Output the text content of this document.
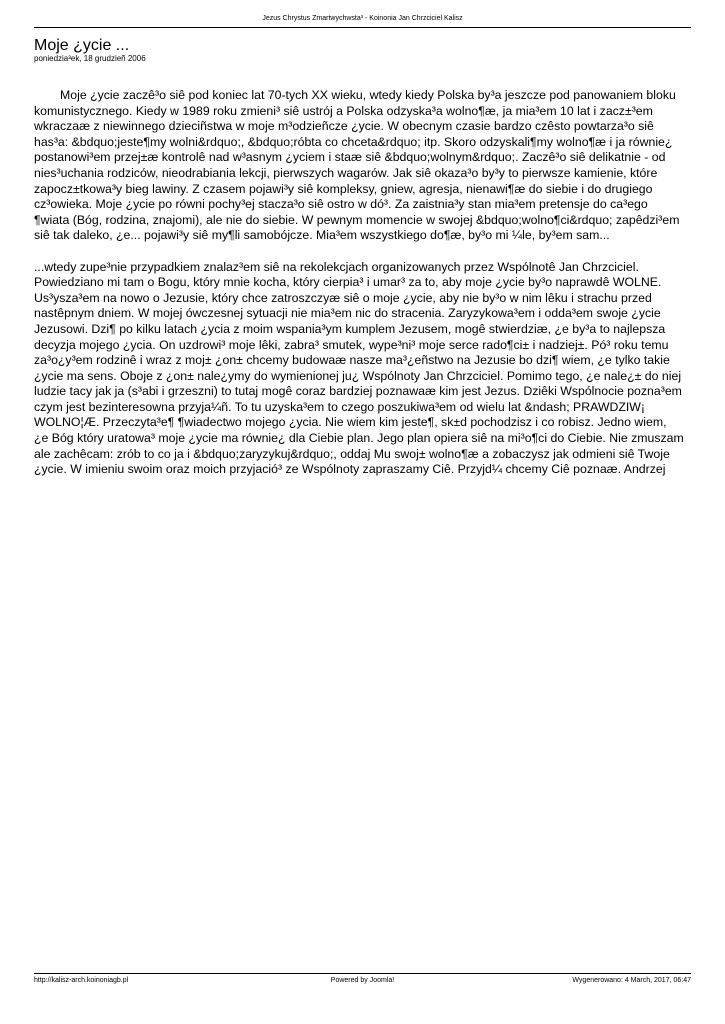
Jezus Chrystus Zmartwychwsta³ - Koinonia Jan Chrzciciel Kalisz
Moje ¿ycie ...
poniedzia³ek, 18 grudzieñ 2006

Moje ¿ycie zaczê³o siê pod koniec lat 70-tych XX wieku, wtedy kiedy Polska by³a jeszcze pod panowaniem bloku komunistycznego. Kiedy w 1989 roku zmieni³ siê ustrój a Polska odzyska³a wolno¶æ, ja mia³em 10 lat i zacz±³em wkraczaæ z niewinnego dzieciñstwa w moje m³odzieñcze ¿ycie. W obecnym czasie bardzo czêsto powtarza³o siê has³a: &bdquo;jeste¶my wolni&rdquo;, &bdquo;róbta co chceta&rdquo; itp. Skoro odzyskali¶my wolno¶æ i ja równie¿ postanowi³em przej±æ kontrolê nad w³asnym ¿yciem i staæ siê &bdquo;wolnym&rdquo;. Zaczê³o siê delikatnie - od nies³uchania rodziców, nieodrabiania lekcji, pierwszych wagarów. Jak siê okaza³o by³y to pierwsze kamienie, które zapocz±tkowa³y bieg lawiny. Z czasem pojawi³y siê kompleksy, gniew, agresja, nienawi¶æ do siebie i do drugiego cz³owieka. Moje ¿ycie po równi pochy³ej stacza³o siê ostro w dó³. Za zaistnia³y stan mia³em pretensje do ca³ego ¶wiata (Bóg, rodzina, znajomi), ale nie do siebie. W pewnym momencie w swojej &bdquo;wolno¶ci&rdquo; zapêdzi³em siê tak daleko, ¿e... pojawi³y siê my¶li samobójcze. Mia³em wszystkiego do¶æ, by³o mi ¼le, by³em sam...

...wtedy zupe³nie przypadkiem znalaz³em siê na rekolekcjach organizowanych przez Wspólnotê Jan Chrzciciel. Powiedziano mi tam o Bogu, który mnie kocha, który cierpia³ i umar³ za to, aby moje ¿ycie by³o naprawdê WOLNE. Us³ysza³em na nowo o Jezusie, który chce zatroszczyæ siê o moje ¿ycie, aby nie by³o w nim lêku i strachu przed nastêpnym dniem. W mojej ówczesnej sytuacji nie mia³em nic do stracenia. Zaryzykowa³em i odda³em swoje ¿ycie Jezusowi. Dzi¶ po kilku latach ¿ycia z moim wspania³ym kumplem Jezusem, mogê stwierdziæ, ¿e by³a to najlepsza decyzja mojego ¿ycia. On uzdrowi³ moje lêki, zabra³ smutek, wype³ni³ moje serce rado¶ci± i nadziej±. Pó³ roku temu za³o¿y³em rodzinê i wraz z moj± ¿on± chcemy budowaæ nasze ma³¿eñstwo na Jezusie bo dzi¶ wiem, ¿e tylko takie ¿ycie ma sens. Oboje z ¿on± nale¿ymy do wymienionej ju¿ Wspólnoty Jan Chrzciciel. Pomimo tego, ¿e nale¿± do niej ludzie tacy jak ja (s³abi i grzeszni) to tutaj mogê coraz bardziej poznawaæ kim jest Jezus. Dziêki Wspólnocie pozna³em czym jest bezinteresowna przyja¼ñ. To tu uzyska³em to czego poszukiwa³em od wielu lat &ndash; PRAWDZIW¡ WOLNO¦Æ. Przeczyta³e¶ ¶wiadectwo mojego ¿ycia. Nie wiem kim jeste¶, sk±d pochodzisz i co robisz. Jedno wiem, ¿e Bóg który uratowa³ moje ¿ycie ma równie¿ dla Ciebie plan. Jego plan opiera siê na mi³o¶ci do Ciebie. Nie zmuszam ale zachêcam: zrób to co ja i &bdquo;zaryzykuj&rdquo;, oddaj Mu swoj± wolno¶æ a zobaczysz jak odmieni siê Twoje ¿ycie. W imieniu swoim oraz moich przyjació³ ze Wspólnoty zapraszamy Ciê. Przyjd¼ chcemy Ciê poznaæ. Andrzej

http://kalisz-arch.koinoniagb.pl	Powered by Joomla!	Wygenerowano: 4 March, 2017, 06:47
